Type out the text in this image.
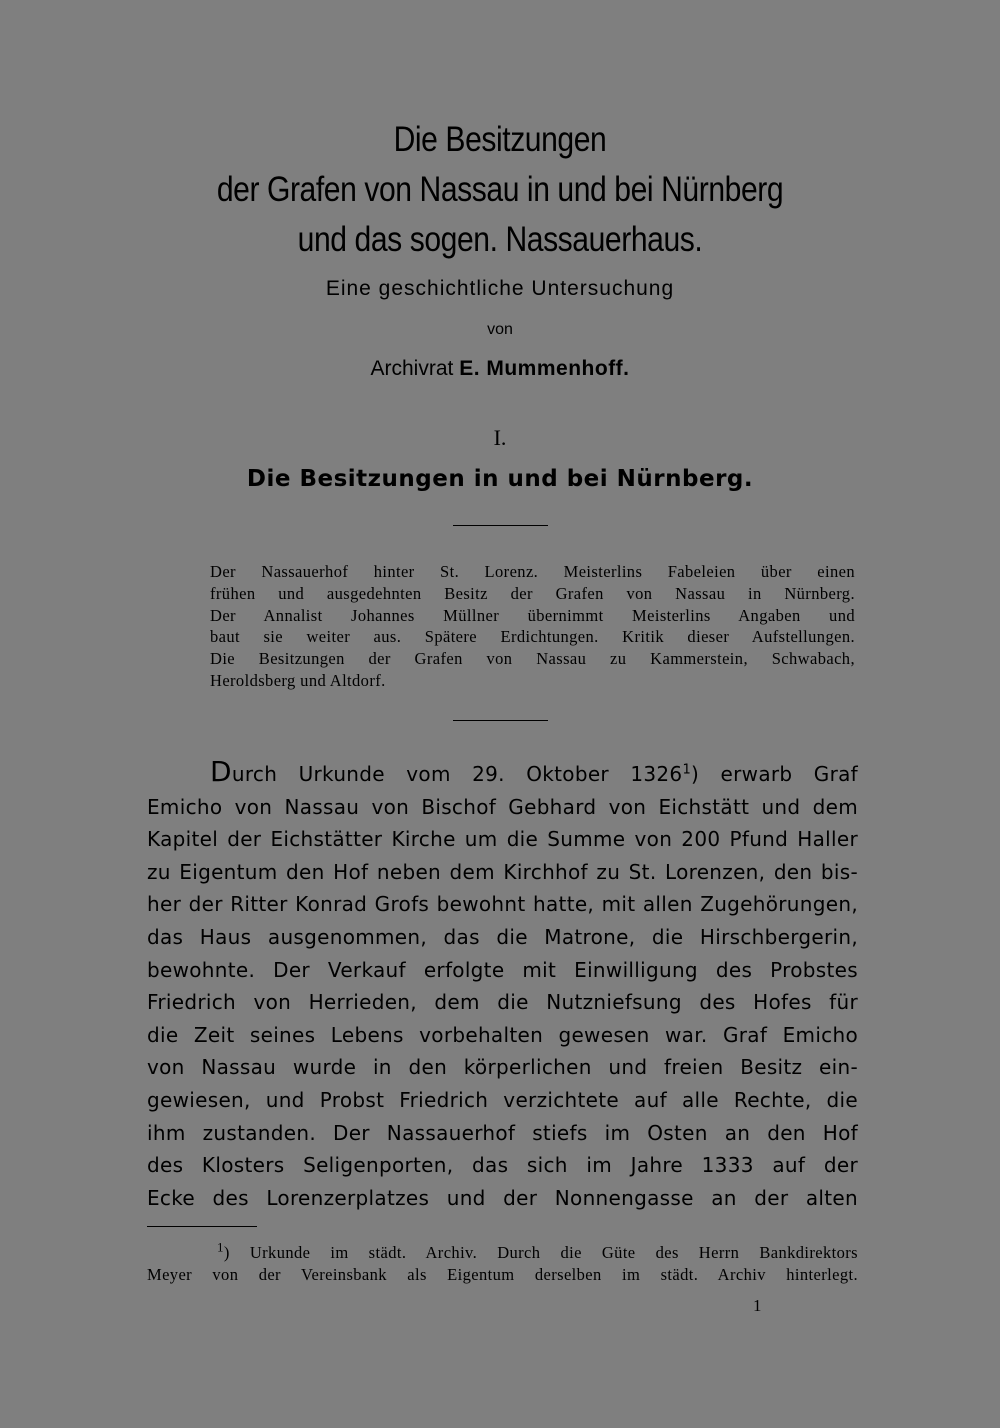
Die Besitzungen
der Grafen von Nassau in und bei Nürnberg
und das sogen. Nassauerhaus.
Eine geschichtliche Untersuchung
von
Archivrat E. Mummenhoff.
I.
Die Besitzungen in und bei Nürnberg.
Der Nassauerhof hinter St. Lorenz. Meisterlins Fabeleien über einen
frühen und ausgedehnten Besitz der Grafen von Nassau in Nürnberg.
Der Annalist Johannes Müllner übernimmt Meisterlins Angaben und
baut sie weiter aus. Spätere Erdichtungen. Kritik dieser Aufstellungen.
Die Besitzungen der Grafen von Nassau zu Kammerstein, Schwabach,
Heroldsberg und Altdorf.
Durch Urkunde vom 29. Oktober 1326$^1$) erwarb Graf
Emicho von Nassau von Bischof Gebhard von Eichstätt und dem
Kapitel der Eichstätter Kirche um die Summe von 200 Pfund Haller
zu Eigentum den Hof neben dem Kirchhof zu St. Lorenzen, den bis-
her der Ritter Konrad Grofs bewohnt hatte, mit allen Zugehörungen,
das Haus ausgenommen, das die Matrone, die Hirschbergerin,
bewohnte. Der Verkauf erfolgte mit Einwilligung des Probstes
Friedrich von Herrieden, dem die Nutzniefsung des Hofes für
die Zeit seines Lebens vorbehalten gewesen war. Graf Emicho
von Nassau wurde in den körperlichen und freien Besitz ein-
gewiesen, und Probst Friedrich verzichtete auf alle Rechte, die
ihm zustanden. Der Nassauerhof stiefs im Osten an den Hof
des Klosters Seligenporten, das sich im Jahre 1333 auf der
Ecke des Lorenzerplatzes und der Nonnengasse an der alten
$^1$) Urkunde im städt. Archiv. Durch die Güte des Herrn Bankdirektors
Meyer von der Vereinsbank als Eigentum derselben im städt. Archiv hinterlegt.
1
